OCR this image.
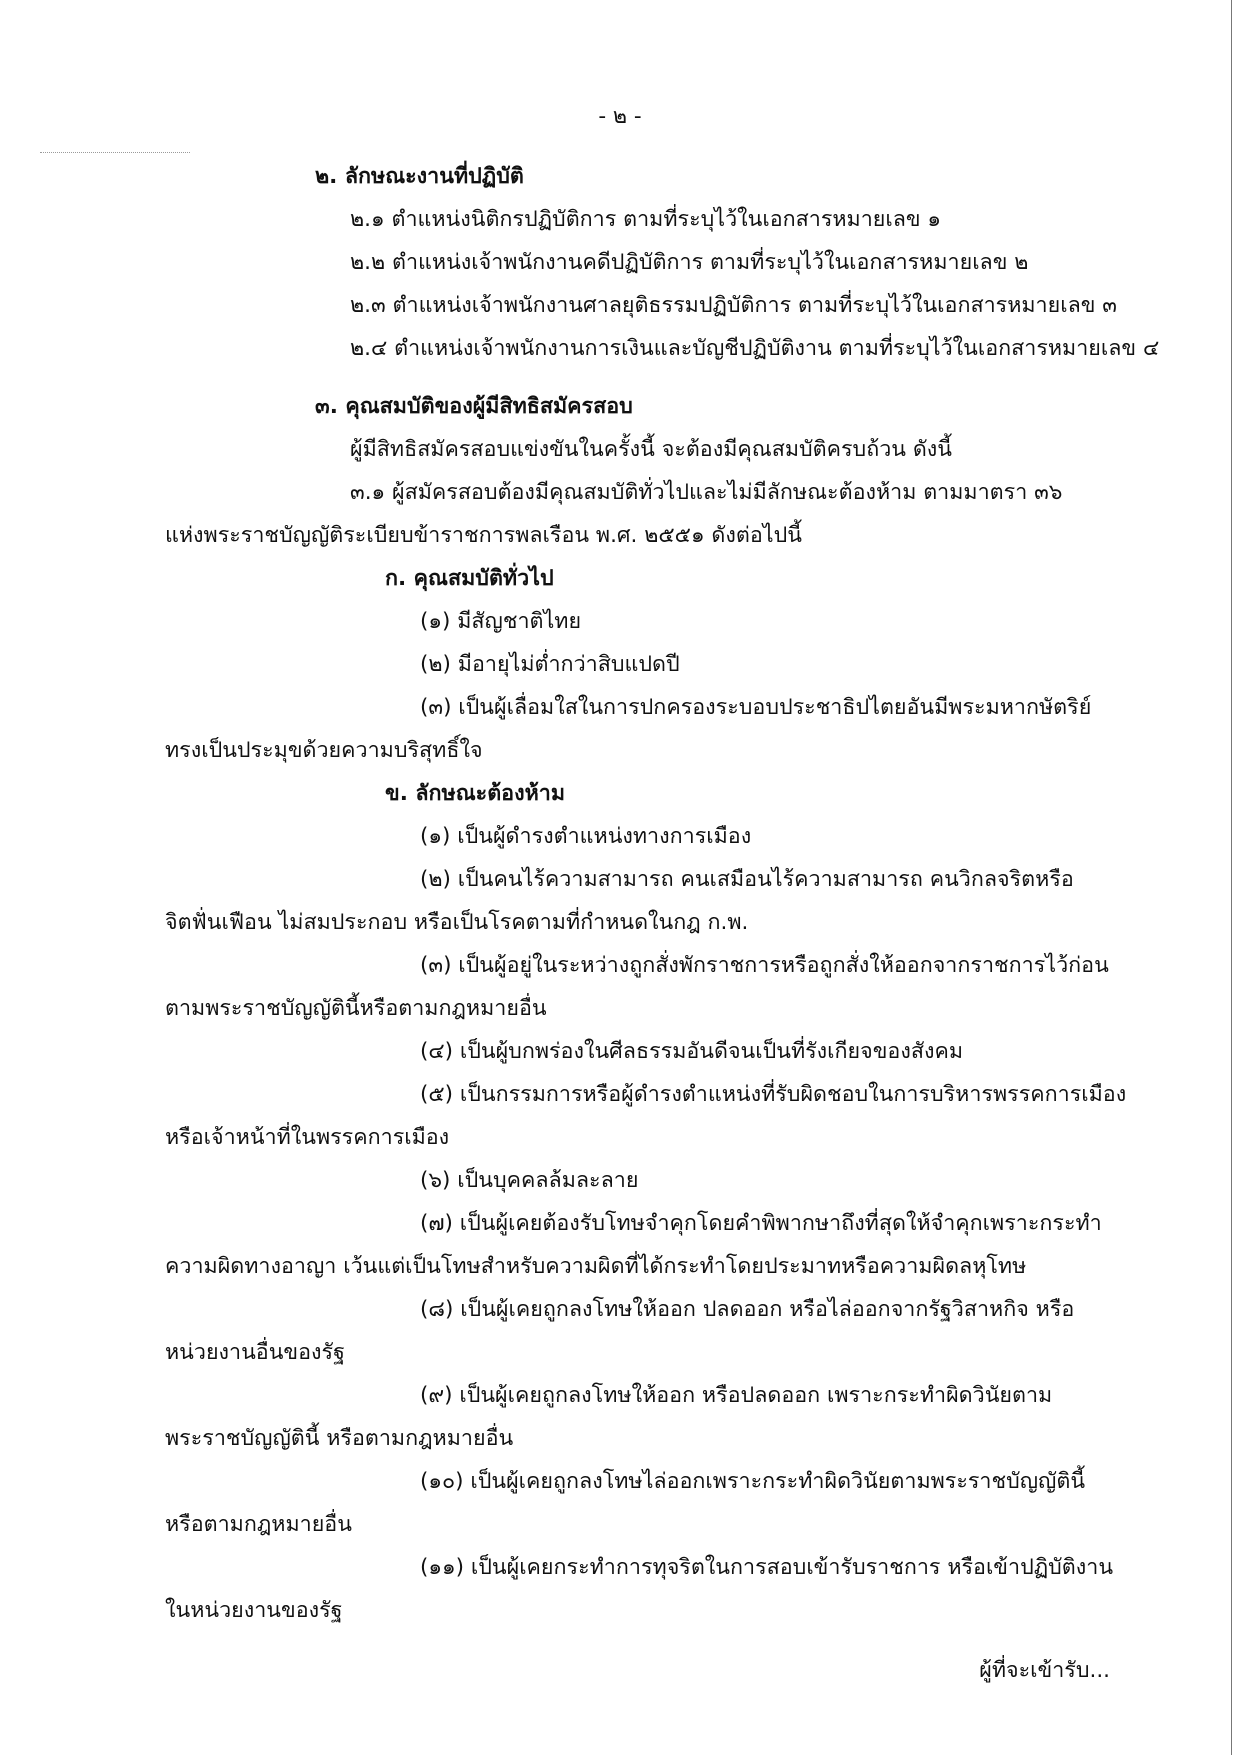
- ๒ -

๒. ลักษณะงานที่ปฏิบัติ

๒.๑ ตำแหน่งนิติกรปฏิบัติการ ตามที่ระบุไว้ในเอกสารหมายเลข ๑

๒.๒ ตำแหน่งเจ้าพนักงานคดีปฏิบัติการ ตามที่ระบุไว้ในเอกสารหมายเลข ๒

๒.๓ ตำแหน่งเจ้าพนักงานศาลยุติธรรมปฏิบัติการ ตามที่ระบุไว้ในเอกสารหมายเลข ๓

๒.๔ ตำแหน่งเจ้าพนักงานการเงินและบัญชีปฏิบัติงาน ตามที่ระบุไว้ในเอกสารหมายเลข ๔

๓. คุณสมบัติของผู้มีสิทธิสมัครสอบ

ผู้มีสิทธิสมัครสอบแข่งขันในครั้งนี้ จะต้องมีคุณสมบัติครบถ้วน ดังนี้

๓.๑ ผู้สมัครสอบต้องมีคุณสมบัติทั่วไปและไม่มีลักษณะต้องห้าม ตามมาตรา ๓๖

แห่งพระราชบัญญัติระเบียบข้าราชการพลเรือน พ.ศ. ๒๕๕๑ ดังต่อไปนี้

ก. คุณสมบัติทั่วไป

(๑) มีสัญชาติไทย

(๒) มีอายุไม่ต่ำกว่าสิบแปดปี

(๓) เป็นผู้เลื่อมใสในการปกครองระบอบประชาธิปไตยอันมีพระมหากษัตริย์

ทรงเป็นประมุขด้วยความบริสุทธิ์ใจ

ข. ลักษณะต้องห้าม

(๑) เป็นผู้ดำรงตำแหน่งทางการเมือง

(๒) เป็นคนไร้ความสามารถ คนเสมือนไร้ความสามารถ คนวิกลจริตหรือ

จิตฟั่นเฟือน ไม่สมประกอบ หรือเป็นโรคตามที่กำหนดในกฎ ก.พ.

(๓) เป็นผู้อยู่ในระหว่างถูกสั่งพักราชการหรือถูกสั่งให้ออกจากราชการไว้ก่อน

ตามพระราชบัญญัตินี้หรือตามกฎหมายอื่น

(๔) เป็นผู้บกพร่องในศีลธรรมอันดีจนเป็นที่รังเกียจของสังคม

(๕) เป็นกรรมการหรือผู้ดำรงตำแหน่งที่รับผิดชอบในการบริหารพรรคการเมือง

หรือเจ้าหน้าที่ในพรรคการเมือง

(๖) เป็นบุคคลล้มละลาย

(๗) เป็นผู้เคยต้องรับโทษจำคุกโดยคำพิพากษาถึงที่สุดให้จำคุกเพราะกระทำ

ความผิดทางอาญา เว้นแต่เป็นโทษสำหรับความผิดที่ได้กระทำโดยประมาทหรือความผิดลหุโทษ

(๘) เป็นผู้เคยถูกลงโทษให้ออก ปลดออก หรือไล่ออกจากรัฐวิสาหกิจ หรือ

หน่วยงานอื่นของรัฐ

(๙) เป็นผู้เคยถูกลงโทษให้ออก หรือปลดออก เพราะกระทำผิดวินัยตาม

พระราชบัญญัตินี้ หรือตามกฎหมายอื่น

(๑๐) เป็นผู้เคยถูกลงโทษไล่ออกเพราะกระทำผิดวินัยตามพระราชบัญญัตินี้

หรือตามกฎหมายอื่น

(๑๑) เป็นผู้เคยกระทำการทุจริตในการสอบเข้ารับราชการ หรือเข้าปฏิบัติงาน

ในหน่วยงานของรัฐ

ผู้ที่จะเข้ารับ...
